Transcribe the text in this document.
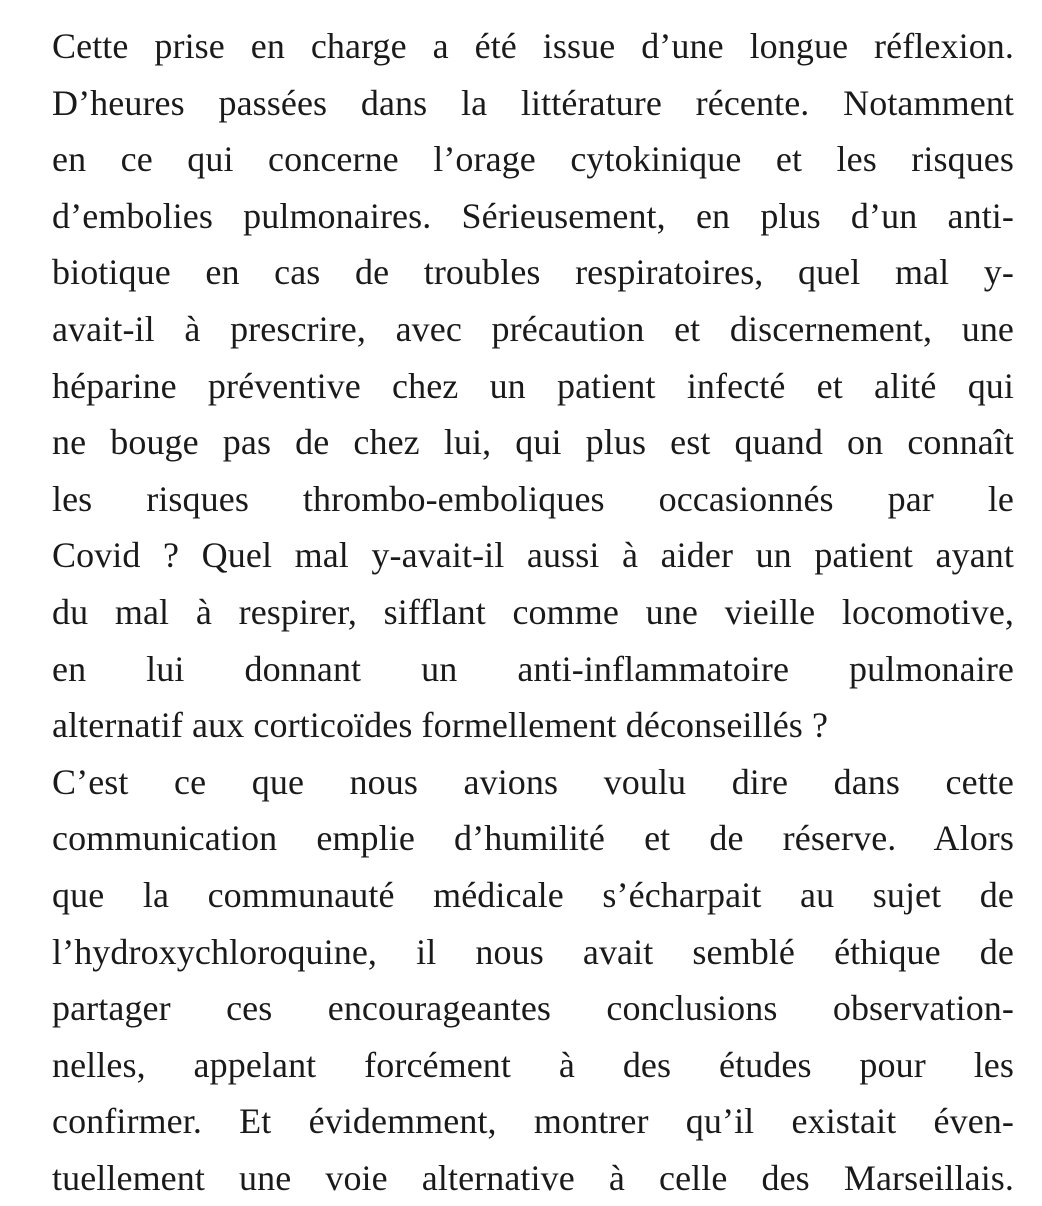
Cette prise en charge a été issue d’une longue réflexion.
D’heures passées dans la littérature récente. Notamment
en ce qui concerne l’orage cytokinique et les risques
d’embolies pulmonaires. Sérieusement, en plus d’un anti-
biotique en cas de troubles respiratoires, quel mal y-
avait-il à prescrire, avec précaution et discernement, une
héparine préventive chez un patient infecté et alité qui
ne bouge pas de chez lui, qui plus est quand on connaît
les risques thrombo-emboliques occasionnés par le
Covid ? Quel mal y-avait-il aussi à aider un patient ayant
du mal à respirer, sifflant comme une vieille locomotive,
en lui donnant un anti-inflammatoire pulmonaire
alternatif aux corticoïdes formellement déconseillés ?
C’est ce que nous avions voulu dire dans cette
communication emplie d’humilité et de réserve. Alors
que la communauté médicale s’écharpait au sujet de
l’hydroxychloroquine, il nous avait semblé éthique de
partager ces encourageantes conclusions observation-
nelles, appelant forcément à des études pour les
confirmer. Et évidemment, montrer qu’il existait éven-
tuellement une voie alternative à celle des Marseillais.
